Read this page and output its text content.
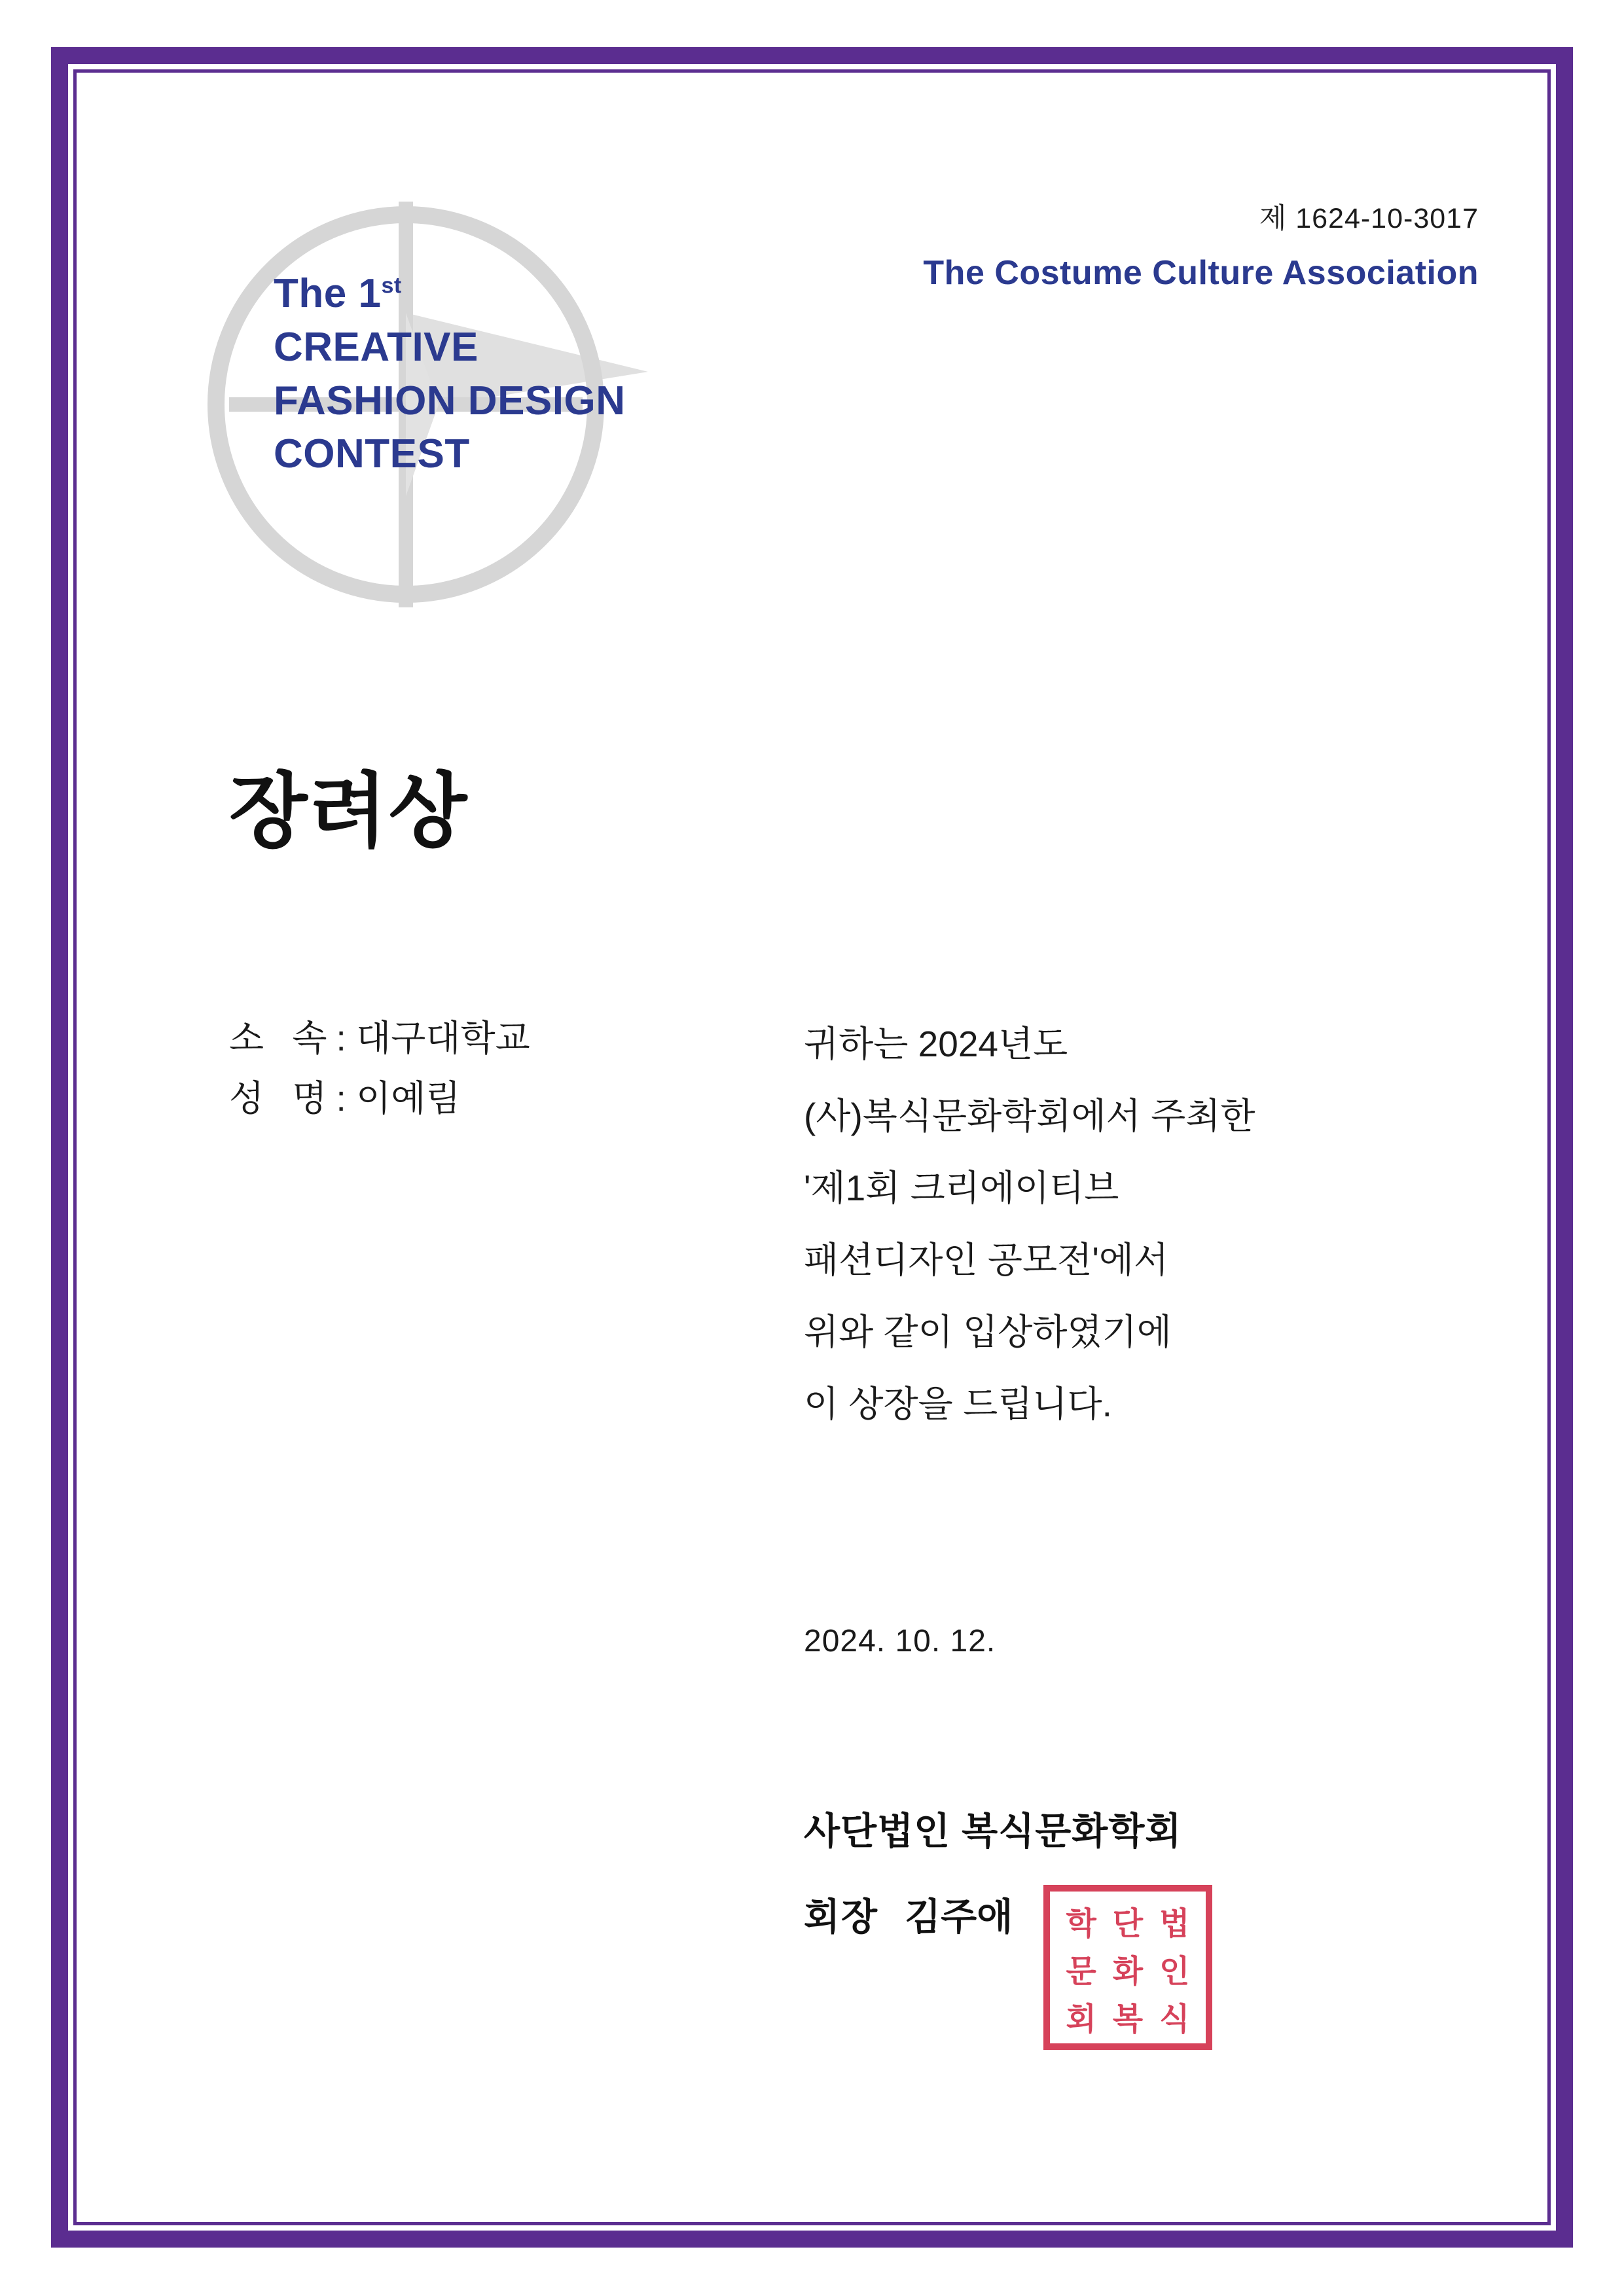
제 1624-10-3017
The Costume Culture Association
The 1st
CREATIVE
FASHION DESIGN
CONTEST
장려상
소 속: 대구대학교
성 명: 이예림
귀하는 2024년도
(사)복식문화학회에서 주최한
'제1회 크리에이티브
패션디자인 공모전'에서
위와 같이 입상하였기에
이 상장을 드립니다.
2024. 10. 12.
사단법인 복식문화학회
회장 김주애	학 단 법
문 화 인
회 복 식
